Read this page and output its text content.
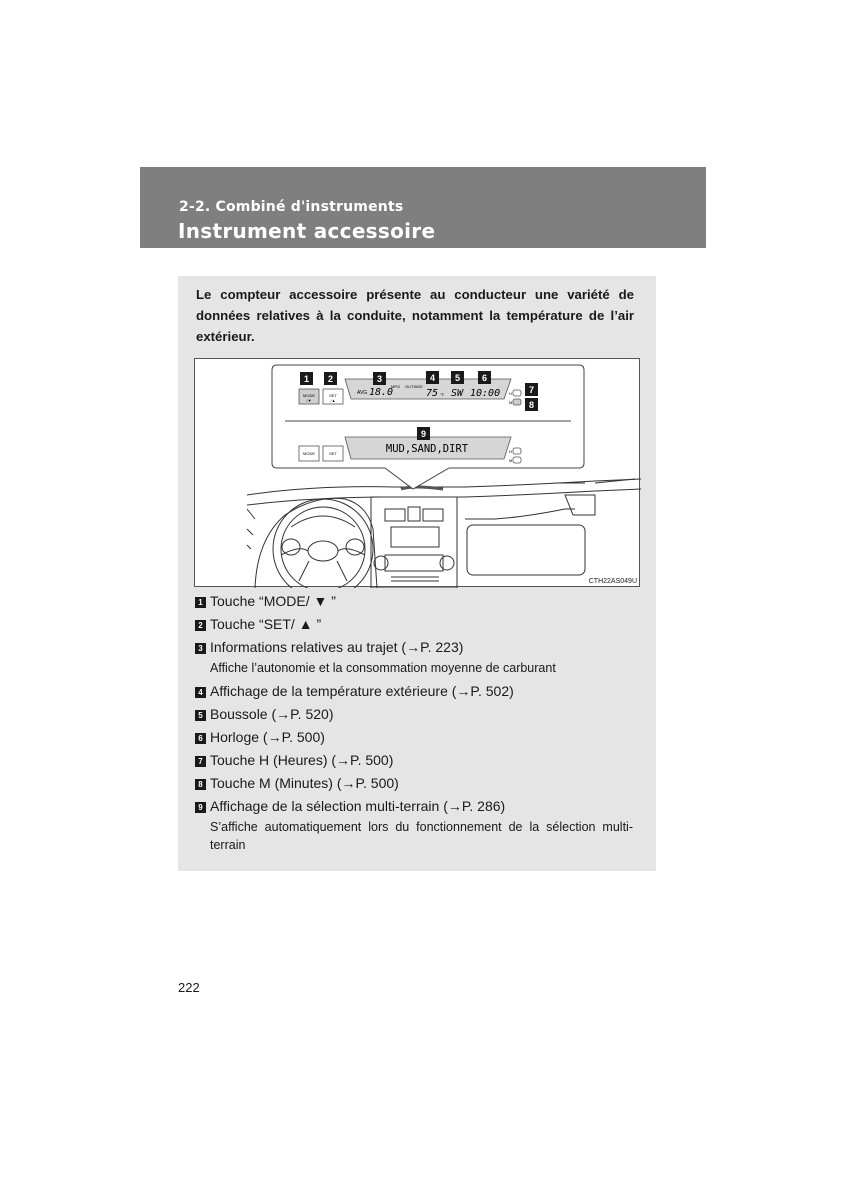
2-2. Combiné d'instruments
Instrument accessoire
Le compteur accessoire présente au conducteur une variété de données relatives à la conduite, notamment la température de l’air extérieur.
MODE
/▼
SET
/▲
AVG 18.0
MPG OUTSIDE
75 °F SW 10:00 H
M
MODE	SET	MUD,SAND,DIRT	H
M
1 2	3	4 5 6
7
8
9
CTH22AS049U
1 Touche “MODE/ ▼ ”
2 Touche “SET/ ▲ ”
3 Informations relatives au trajet (→P. 223)
Affiche l’autonomie et la consommation moyenne de carburant
4 Affichage de la température extérieure (→P. 502)
5 Boussole (→P. 520)
6 Horloge (→P. 500)
7 Touche H (Heures) (→P. 500)
8 Touche M (Minutes) (→P. 500)
9 Affichage de la sélection multi-terrain (→P. 286)
S’affiche automatiquement lors du fonctionnement de la sélection multi-terrain
222
